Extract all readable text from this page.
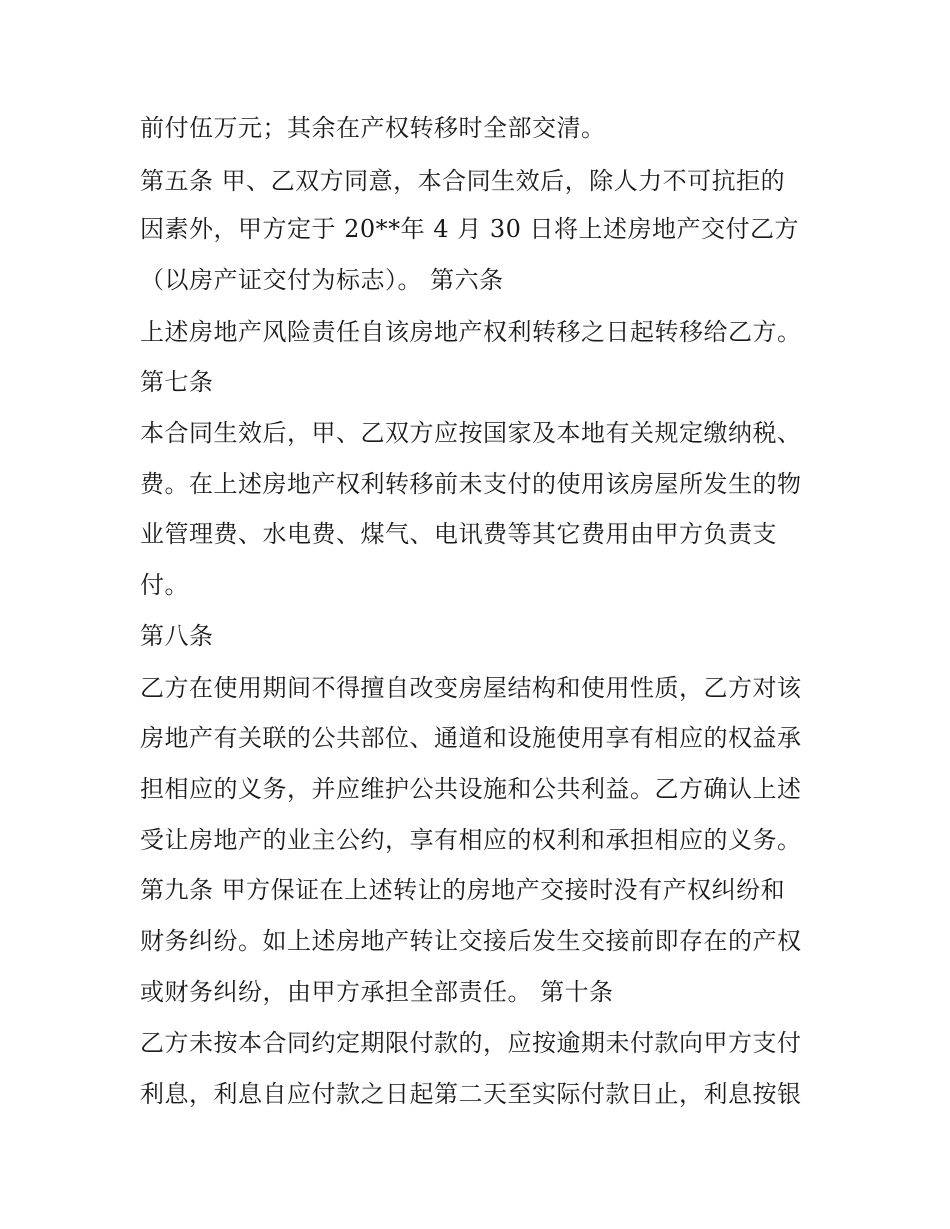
前付伍万元；其余在产权转移时全部交清。

第五条 甲、乙双方同意，本合同生效后，除人力不可抗拒的

因素外，甲方定于 20**年 4 月 30 日将上述房地产交付乙方

（以房产证交付为标志）。 第六条

上述房地产风险责任自该房地产权利转移之日起转移给乙方。

第七条

本合同生效后，甲、乙双方应按国家及本地有关规定缴纳税、

费。在上述房地产权利转移前未支付的使用该房屋所发生的物

业管理费、水电费、煤气、电讯费等其它费用由甲方负责支

付。

第八条

乙方在使用期间不得擅自改变房屋结构和使用性质，乙方对该

房地产有关联的公共部位、通道和设施使用享有相应的权益承

担相应的义务，并应维护公共设施和公共利益。乙方确认上述

受让房地产的业主公约，享有相应的权利和承担相应的义务。

第九条 甲方保证在上述转让的房地产交接时没有产权纠纷和

财务纠纷。如上述房地产转让交接后发生交接前即存在的产权

或财务纠纷，由甲方承担全部责任。 第十条

乙方未按本合同约定期限付款的，应按逾期未付款向甲方支付

利息，利息自应付款之日起第二天至实际付款日止，利息按银
